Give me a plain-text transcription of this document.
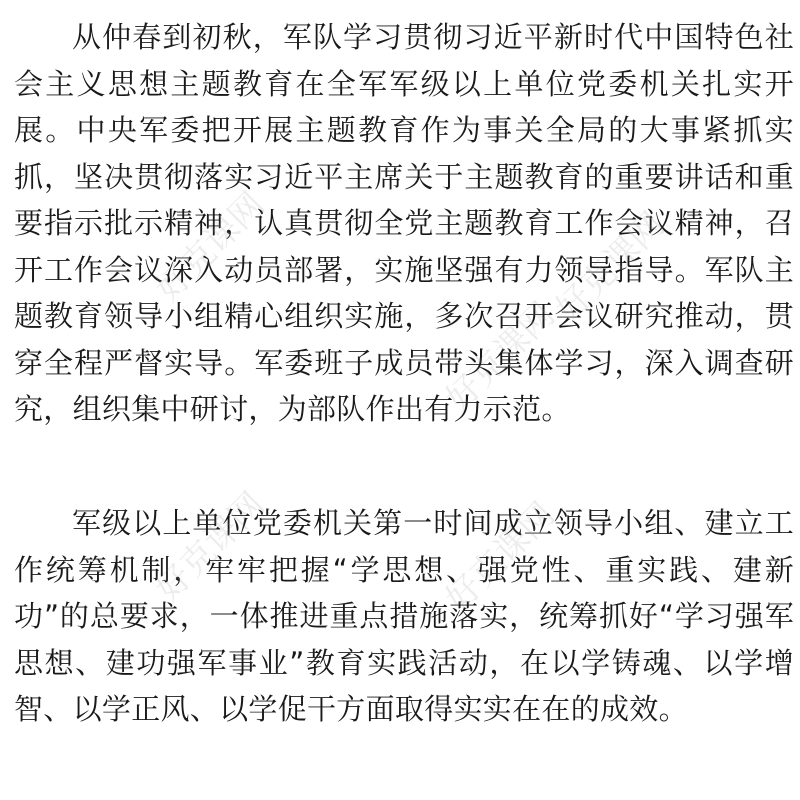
从仲春到初秋，军队学习贯彻习近平新时代中国特色社会主义思想主题教育在全军军级以上单位党委机关扎实开展。中央军委把开展主题教育作为事关全局的大事紧抓实抓，坚决贯彻落实习近平主席关于主题教育的重要讲话和重要指示批示精神，认真贯彻全党主题教育工作会议精神，召开工作会议深入动员部署，实施坚强有力领导指导。军队主题教育领导小组精心组织实施，多次召开会议研究推动，贯穿全程严督实导。军委班子成员带头集体学习，深入调查研究，组织集中研讨，为部队作出有力示范。

军级以上单位党委机关第一时间成立领导小组、建立工作统筹机制，牢牢把握“学思想、强党性、重实践、建新功”的总要求，一体推进重点措施落实，统筹抓好“学习强军思想、建功强军事业”教育实践活动，在以学铸魂、以学增智、以学正风、以学促干方面取得实实在在的成效。

好克课网
好克课网	好克课网
好克课网
好克课网
